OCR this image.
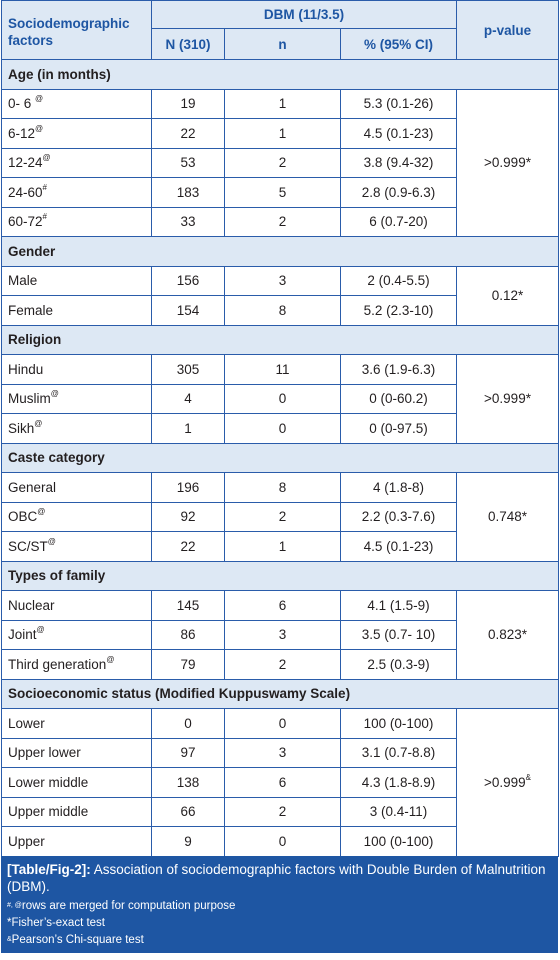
Sociodemographic factors	DBM (11/3.5)			p-value
	N (310)	n	% (95% CI)	
Age (in months)				
0- 6 @	19	1	5.3 (0.1-26)	>0.999*
6-12@	22	1	4.5 (0.1-23)	
12-24@	53	2	3.8 (9.4-32)	
24-60#	183	5	2.8 (0.9-6.3)	
60-72#	33	2	6 (0.7-20)	
Gender				
Male	156	3	2 (0.4-5.5)	0.12*
Female	154	8	5.2 (2.3-10)	
Religion				
Hindu	305	11	3.6 (1.9-6.3)	>0.999*
Muslim@	4	0	0 (0-60.2)	
Sikh@	1	0	0 (0-97.5)	
Caste category				
General	196	8	4 (1.8-8)	0.748*
OBC@	92	2	2.2 (0.3-7.6)	
SC/ST@	22	1	4.5 (0.1-23)	
Types of family				
Nuclear	145	6	4.1 (1.5-9)	0.823*
Joint@	86	3	3.5 (0.7- 10)	
Third generation@	79	2	2.5 (0.3-9)	
Socioeconomic status (Modified Kuppuswamy Scale)				
Lower	0	0	100 (0-100)	>0.999&
Upper lower	97	3	3.1 (0.7-8.8)	
Lower middle	138	6	4.3 (1.8-8.9)	
Upper middle	66	2	3 (0.4-11)	
Upper	9	0	100 (0-100)	
[Table/Fig-2]: Association of sociodemographic factors with Double Burden of Malnutrition (DBM).
#, @rows are merged for computation purpose
*Fisher’s-exact test
&Pearson’s Chi-square test
